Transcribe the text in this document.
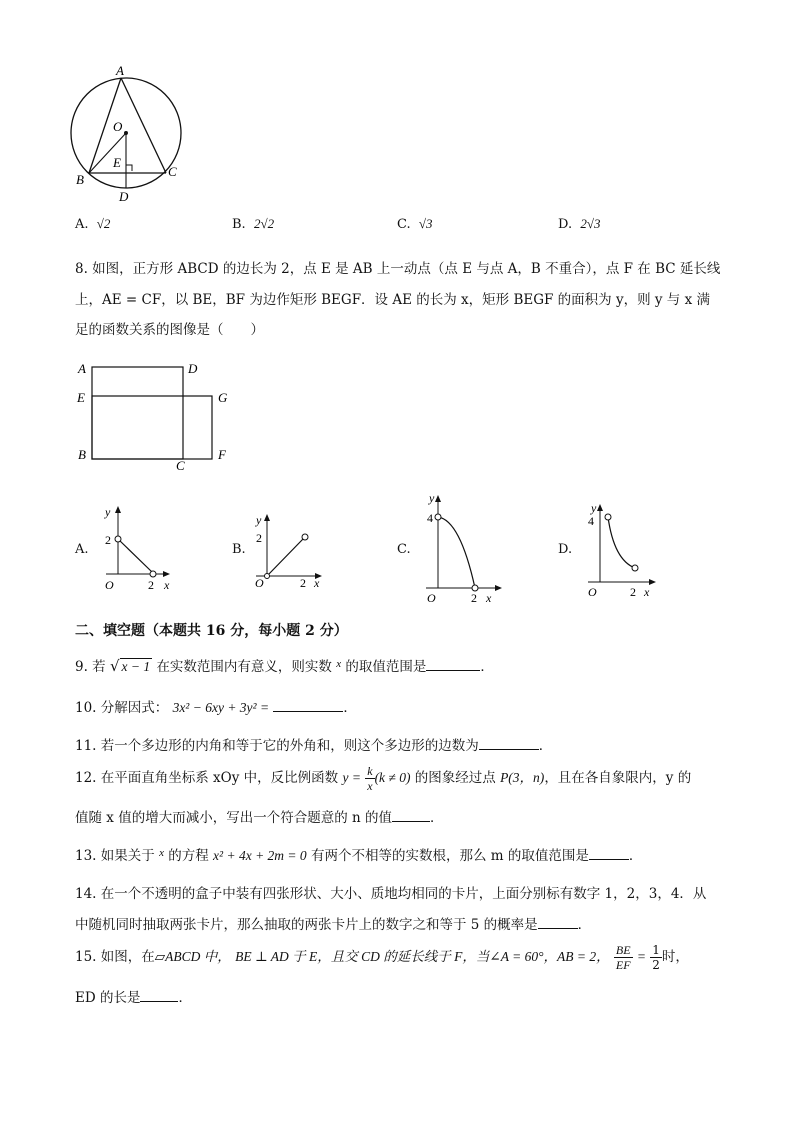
A
O
E
B
C
D
A. √2	B. 2√2	C. √3	D. 2√3
8. 如图，正方形 ABCD 的边长为 2，点 E 是 AB 上一动点（点 E 与点 A，B 不重合），点 F 在 BC 延长线
上，AE = CF，以 BE，BF 为边作矩形 BEGF．设 AE 的长为 x，矩形 BEGF 的面积为 y，则 y 与 x 满
足的函数关系的图像是（　　）
A	D
E	G
B
C
F
A.
y
2
O	2 x
B.
y
2
O	2 x
C.
y
4
O	2 x
D.
y
4
O	2 x
二、填空题（本题共 16 分，每小题 2 分）
9. 若 √ x − 1 在实数范围内有意义，则实数 $^x$ 的取值范围是	．
10. 分解因式： 3x² − 6xy + 3y² =	．
11. 若一个多边形的内角和等于它的外角和，则这个多边形的边数为	．
12. 在平面直角坐标系 xOy 中，反比例函数 $y = \frac{k}{x} (k \ne 0)$ 的图象经过点 P(3，n)，且在各自象限内，y 的
值随 x 值的增大而减小，写出一个符合题意的 n 的值	．
13. 如果关于 $^x$ 的方程 x² + 4x + 2m = 0 有两个不相等的实数根，那么 m 的取值范围是	．
14. 在一个不透明的盒子中装有四张形状、大小、质地均相同的卡片，上面分别标有数字 1，2，3，4．从
中随机同时抽取两张卡片，那么抽取的两张卡片上的数字之和等于 5 的概率是	．
15. 如图，在▱ABCD 中， BE ⊥ AD 于 E，且交 CD 的延长线于 F，当∠A = 60°，AB = 2， $\frac{BE}{EF} = \frac{1}{2}$ 时，
ED 的长是	．
